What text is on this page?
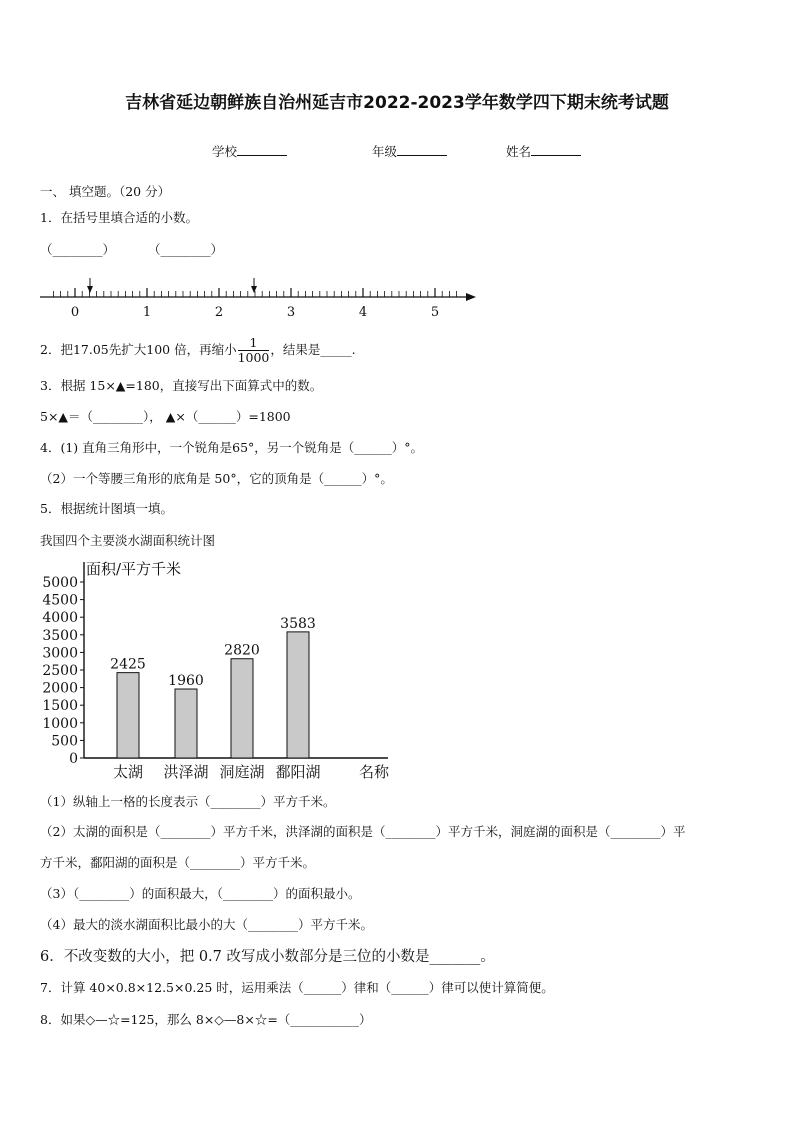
吉林省延边朝鲜族自治州延吉市2022-2023学年数学四下期末统考试题
学校	年级	姓名
一、 填空题。（20 分）
1．在括号里填合适的小数。
（________）	（________）
0	1	2	3	4	5
2．把17.05先扩大100 倍，再缩小 $\frac{1}{1000}$ ，结果是_____.
3．根据 15×▲=180，直接写出下面算式中的数。
5×▲＝（________）， ▲×（______）=1800
4．(1) 直角三角形中，一个锐角是65°，另一个锐角是（______）°。
（2）一个等腰三角形的底角是 50°，它的顶角是（______）°。
5．根据统计图填一填。
我国四个主要淡水湖面积统计图
0
500
1000
1500
2000
2500
3000
3500
4000
4500
5000
面积/平方千米
2425
太湖
1960
洪泽湖
2820
洞庭湖
3583
鄱阳湖	名称
（1）纵轴上一格的长度表示（________）平方千米。
（2）太湖的面积是（________）平方千米，洪泽湖的面积是（________）平方千米，洞庭湖的面积是（________）平
方千米，鄱阳湖的面积是（________）平方千米。
（3）（________）的面积最大，（________）的面积最小。
（4）最大的淡水湖面积比最小的大（________）平方千米。
6．不改变数的大小，把 0.7 改写成小数部分是三位的小数是_______。
7．计算 40×0.8×12.5×0.25 时，运用乘法（______）律和（______）律可以使计算简便。
8．如果◇—☆=125，那么 8×◇—8×☆=（___________）
